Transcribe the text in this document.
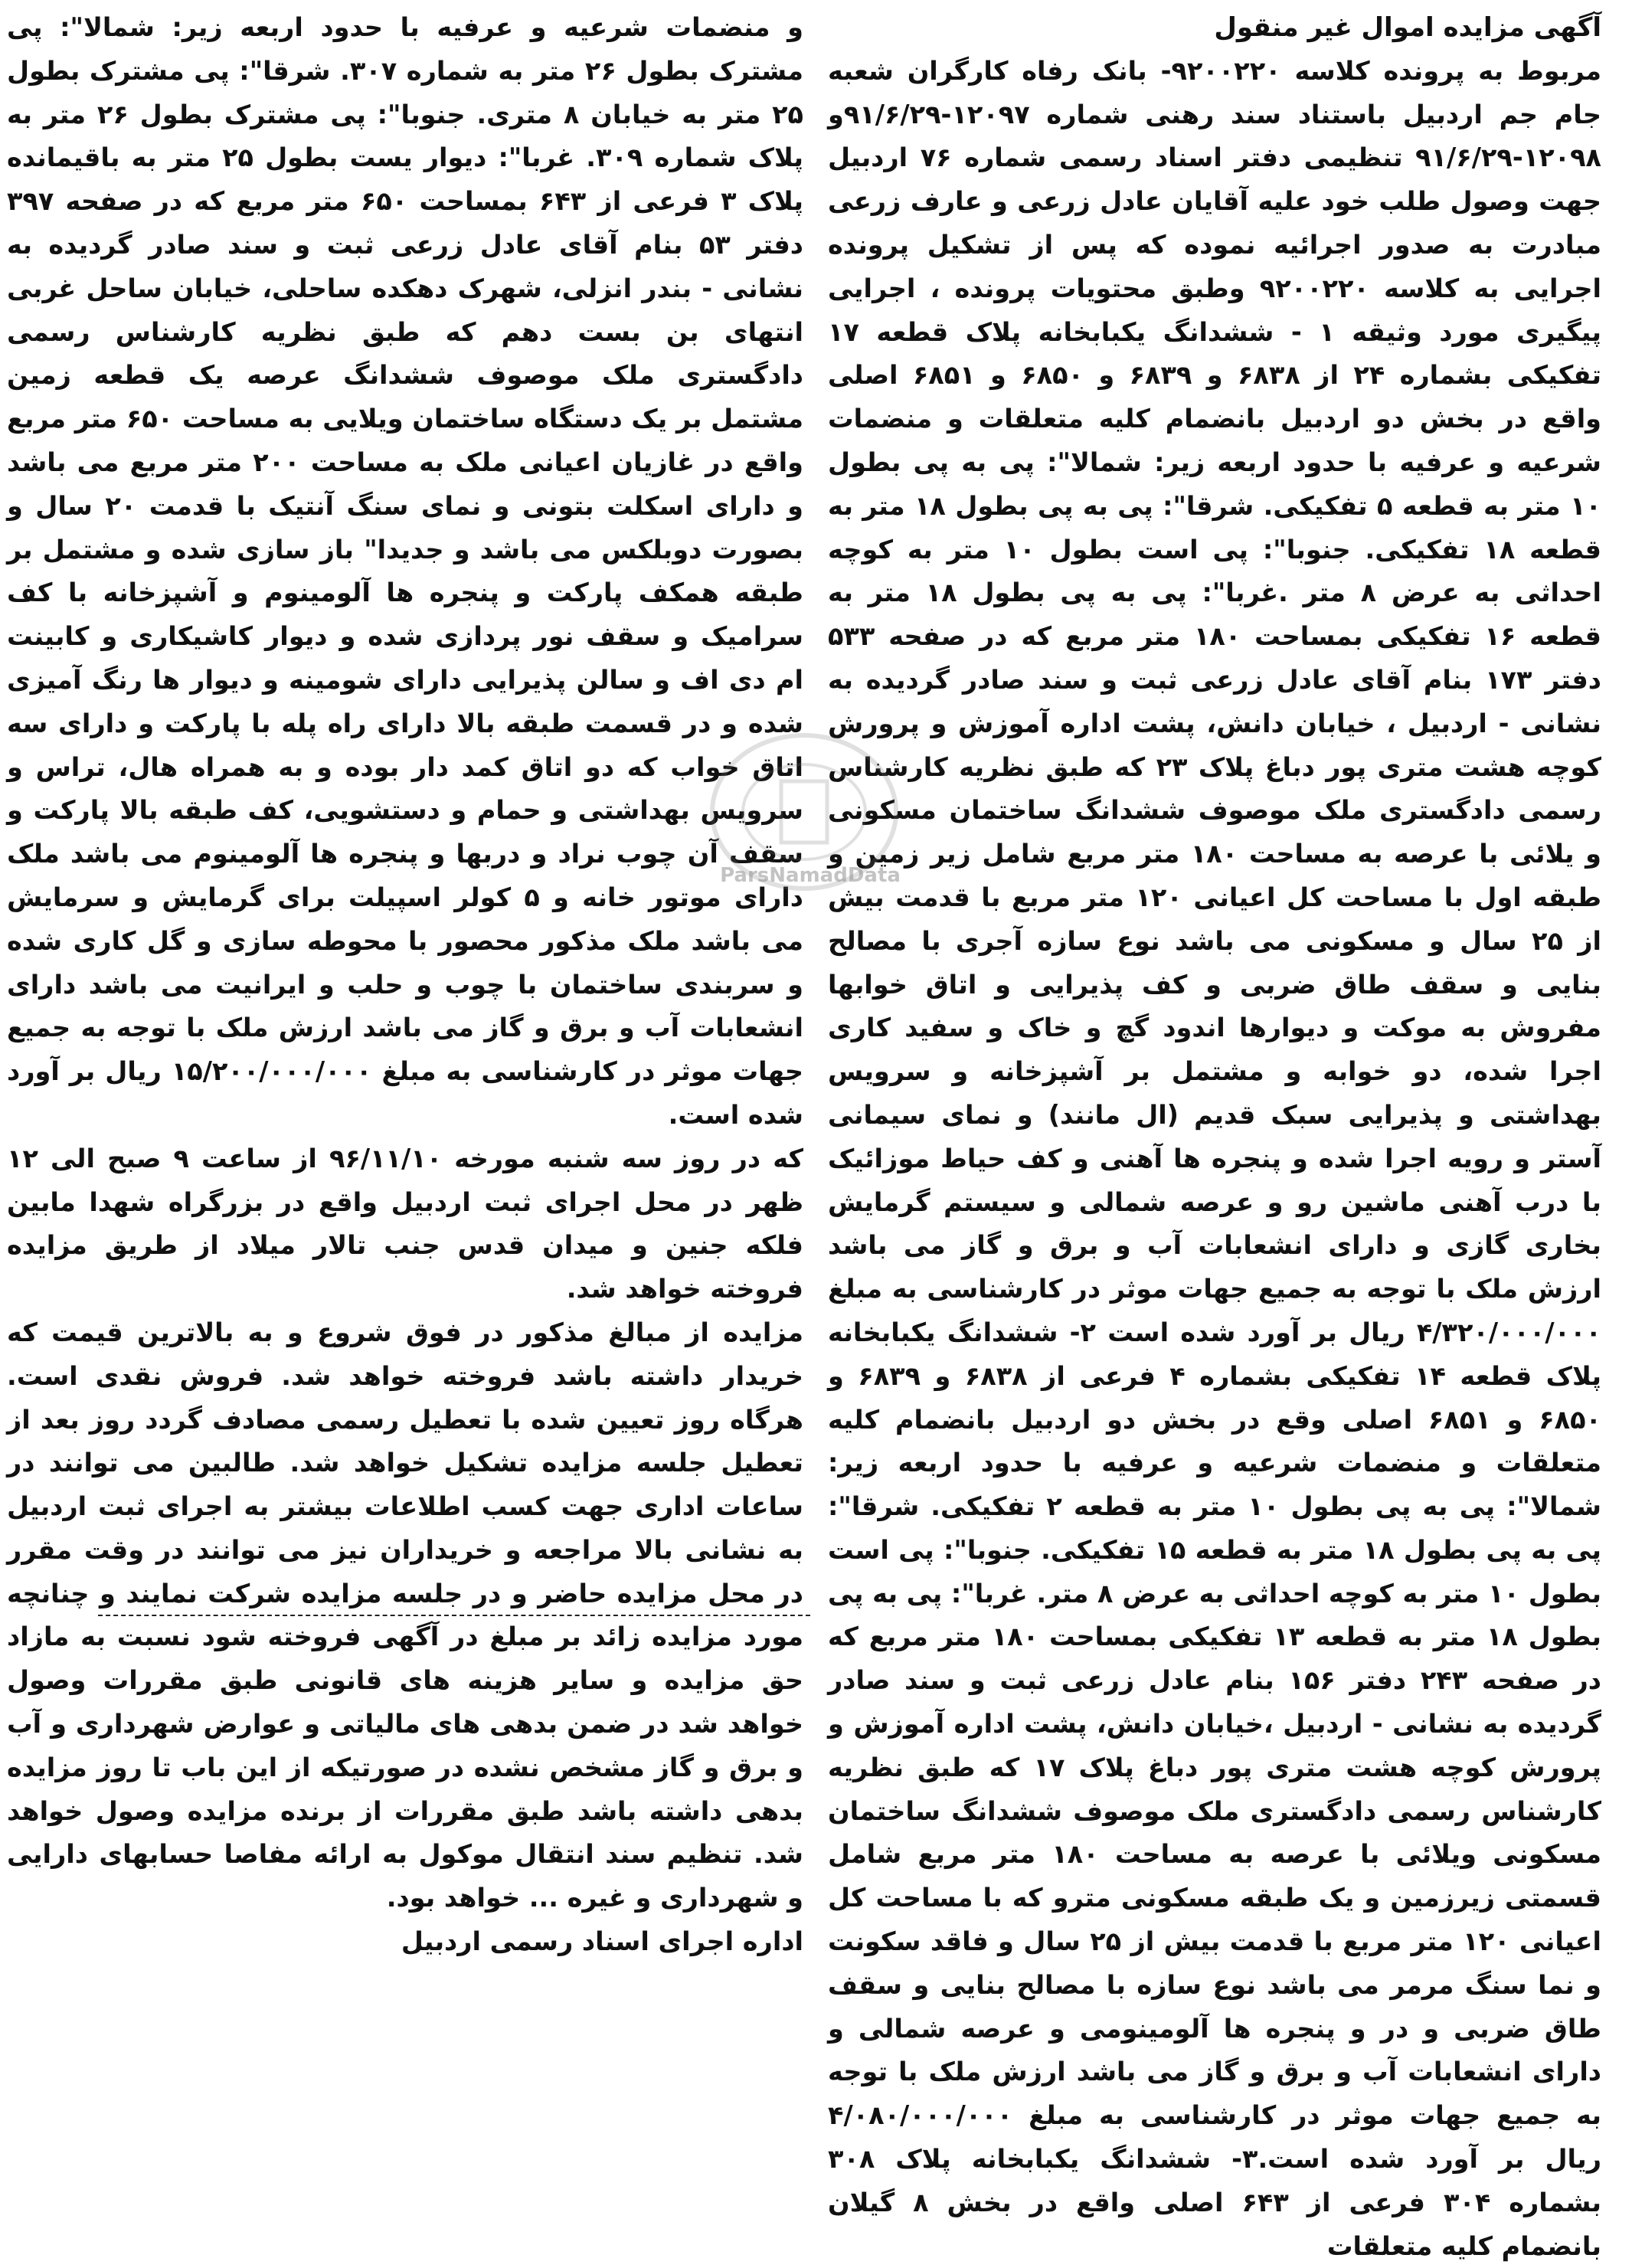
آگهی مزایده اموال غیر منقول

مربوط به پرونده کلاسه ۹۲۰۰۲۲۰- بانک رفاه کارگران شعبه جام جم اردبیل باستناد سند رهنی شماره ۱۲۰۹۷-۹۱/۶/۲۹و ۱۲۰۹۸-۹۱/۶/۲۹ تنظیمی دفتر اسناد رسمی شماره ۷۶ اردبیل جهت وصول طلب خود علیه آقایان عادل زرعی و عارف زرعی مبادرت به صدور اجرائیه نموده که پس از تشکیل پرونده اجرایی به کلاسه ۹۲۰۰۲۲۰ وطبق محتویات پرونده ، اجرایی پیگیری مورد وثیقه ۱ - ششدانگ یکبابخانه پلاک قطعه ۱۷ تفکیکی بشماره ۲۴ از ۶۸۳۸ و ۶۸۳۹ و ۶۸۵۰ و ۶۸۵۱ اصلی واقع در بخش دو اردبیل بانضمام کلیه متعلقات و منضمات شرعیه و عرفیه با حدود اربعه زیر: شمالا": پی به پی بطول ۱۰ متر به قطعه ۵ تفکیکی. شرقا": پی به پی بطول ۱۸ متر به قطعه ۱۸ تفکیکی. جنوبا": پی است بطول ۱۰ متر به کوچه احداثی به عرض ۸ متر .غربا": پی به پی بطول ۱۸ متر به قطعه ۱۶ تفکیکی بمساحت ۱۸۰ متر مربع که در صفحه ۵۳۳ دفتر ۱۷۳ بنام آقای عادل زرعی ثبت و سند صادر گردیده به نشانی - اردبیل ، خیابان دانش، پشت اداره آموزش و پرورش کوچه هشت متری پور دباغ پلاک ۲۳ که طبق نظریه کارشناس رسمی دادگستری ملک موصوف ششدانگ ساختمان مسکونی و یلائی با عرصه به مساحت ۱۸۰ متر مربع شامل زیر زمین و طبقه اول با مساحت کل اعیانی ۱۲۰ متر مربع با قدمت بیش از ۲۵ سال و مسکونی می باشد نوع سازه آجری با مصالح بنایی و سقف طاق ضربی و کف پذیرایی و اتاق خوابها مفروش به موکت و دیوارها اندود گچ و خاک و سفید کاری اجرا شده، دو خوابه و مشتمل بر آشپزخانه و سرویس بهداشتی و پذیرایی سبک قدیم (ال مانند) و نمای سیمانی آستر و رویه اجرا شده و پنجره ها آهنی و کف حیاط موزائیک با درب آهنی ماشین رو و عرصه شمالی و سیستم گرمایش بخاری گازی و دارای انشعابات آب و برق و گاز می باشد ارزش ملک با توجه به جمیع جهات موثر در کارشناسی به مبلغ ۴/۳۲۰/۰۰۰/۰۰۰ ریال بر آورد شده است ۲- ششدانگ یکبابخانه پلاک قطعه ۱۴ تفکیکی بشماره ۴ فرعی از ۶۸۳۸ و ۶۸۳۹ و ۶۸۵۰ و ۶۸۵۱ اصلی وقع در بخش دو اردبیل بانضمام کلیه متعلقات و منضمات شرعیه و عرفیه با حدود اربعه زیر: شمالا": پی به پی بطول ۱۰ متر به قطعه ۲ تفکیکی. شرقا": پی به پی بطول ۱۸ متر به قطعه ۱۵ تفکیکی. جنوبا": پی است بطول ۱۰ متر به کوچه احداثی به عرض ۸ متر. غربا": پی به پی بطول ۱۸ متر به قطعه ۱۳ تفکیکی بمساحت ۱۸۰ متر مربع که در صفحه ۲۴۳ دفتر ۱۵۶ بنام عادل زرعی ثبت و سند صادر گردیده به نشانی - اردبیل ،خیابان دانش، پشت اداره آموزش و پرورش کوچه هشت متری پور دباغ پلاک ۱۷ که طبق نظریه کارشناس رسمی دادگستری ملک موصوف ششدانگ ساختمان مسکونی ویلائی با عرصه به مساحت ۱۸۰ متر مربع شامل قسمتی زیرزمین و یک طبقه مسکونی مترو که با مساحت کل اعیانی ۱۲۰ متر مربع با قدمت بیش از ۲۵ سال و فاقد سکونت و نما سنگ مرمر می باشد نوع سازه با مصالح بنایی و سقف طاق ضربی و در و پنجره ها آلومینومی و عرصه شمالی و دارای انشعابات آب و برق و گاز می باشد ارزش ملک با توجه به جمیع جهات موثر در کارشناسی به مبلغ ۴/۰۸۰/۰۰۰/۰۰۰ ریال بر آورد شده است.۳- ششدانگ یکبابخانه پلاک ۳۰۸ بشماره ۳۰۴ فرعی از ۶۴۳ اصلی واقع در بخش ۸ گیلان بانضمام کلیه متعلقات

و منضمات شرعیه و عرفیه با حدود اربعه زیر: شمالا": پی مشترک بطول ۲۶ متر به شماره ۳۰۷. شرقا": پی مشترک بطول ۲۵ متر به خیابان ۸ متری. جنوبا": پی مشترک بطول ۲۶ متر به پلاک شماره ۳۰۹. غربا": دیوار یست بطول ۲۵ متر به باقیمانده پلاک ۳ فرعی از ۶۴۳ بمساحت ۶۵۰ متر مربع که در صفحه ۳۹۷ دفتر ۵۳ بنام آقای عادل زرعی ثبت و سند صادر گردیده به نشانی - بندر انزلی، شهرک دهکده ساحلی، خیابان ساحل غربی انتهای بن بست دهم که طبق نظریه کارشناس رسمی دادگستری ملک موصوف ششدانگ عرصه یک قطعه زمین مشتمل بر یک دستگاه ساختمان ویلایی به مساحت ۶۵۰ متر مربع واقع در غازیان اعیانی ملک به مساحت ۲۰۰ متر مربع می باشد و دارای اسکلت بتونی و نمای سنگ آنتیک با قدمت ۲۰ سال و بصورت دوبلکس می باشد و جدیدا" باز سازی شده و مشتمل بر طبقه همکف پارکت و پنجره ها آلومینوم و آشپزخانه با کف سرامیک و سقف نور پردازی شده و دیوار کاشیکاری و کابینت ام دی اف و سالن پذیرایی دارای شومینه و دیوار ها رنگ آمیزی شده و در قسمت طبقه بالا دارای راه پله با پارکت و دارای سه اتاق خواب که دو اتاق کمد دار بوده و به همراه هال، تراس و سرویس بهداشتی و حمام و دستشویی، کف طبقه بالا پارکت و سقف آن چوب نراد و دربها و پنجره ها آلومینوم می باشد ملک دارای موتور خانه و ۵ کولر اسپیلت برای گرمایش و سرمایش می باشد ملک مذکور محصور با محوطه سازی و گل کاری شده و سربندی ساختمان با چوب و حلب و ایرانیت می باشد دارای انشعابات آب و برق و گاز می باشد ارزش ملک با توجه به جمیع جهات موثر در کارشناسی به مبلغ ۱۵/۲۰۰/۰۰۰/۰۰۰ ریال بر آورد شده است.

که در روز سه شنبه مورخه ۹۶/۱۱/۱۰ از ساعت ۹ صبح الی ۱۲ ظهر در محل اجرای ثبت اردبیل واقع در بزرگراه شهدا مابین فلکه جنین و میدان قدس جنب تالار میلاد از طریق مزایده فروخته خواهد شد.

مزایده از مبالغ مذکور در فوق شروع و به بالاترین قیمت که خریدار داشته باشد فروخته خواهد شد. فروش نقدی است. هرگاه روز تعیین شده با تعطیل رسمی مصادف گردد روز بعد از تعطیل جلسه مزایده تشکیل خواهد شد. طالبین می توانند در ساعات اداری جهت کسب اطلاعات بیشتر به اجرای ثبت اردبیل به نشانی بالا مراجعه و خریداران نیز می توانند در وقت مقرر در محل مزایده حاضر و در جلسه مزایده شرکت نمایند و چنانچه مورد مزایده زائد بر مبلغ در آگهی فروخته شود نسبت به مازاد حق مزایده و سایر هزینه های قانونی طبق مقررات وصول خواهد شد در ضمن بدهی های مالیاتی و عوارض شهرداری و آب و برق و گاز مشخص نشده در صورتیکه از این باب تا روز مزایده بدهی داشته باشد طبق مقررات از برنده مزایده وصول خواهد شد. تنظیم سند انتقال موکول به ارائه مفاصا حسابهای دارایی و شهرداری و غیره ... خواهد بود.

اداره اجرای اسناد رسمی اردبیل

ParsNamadData
